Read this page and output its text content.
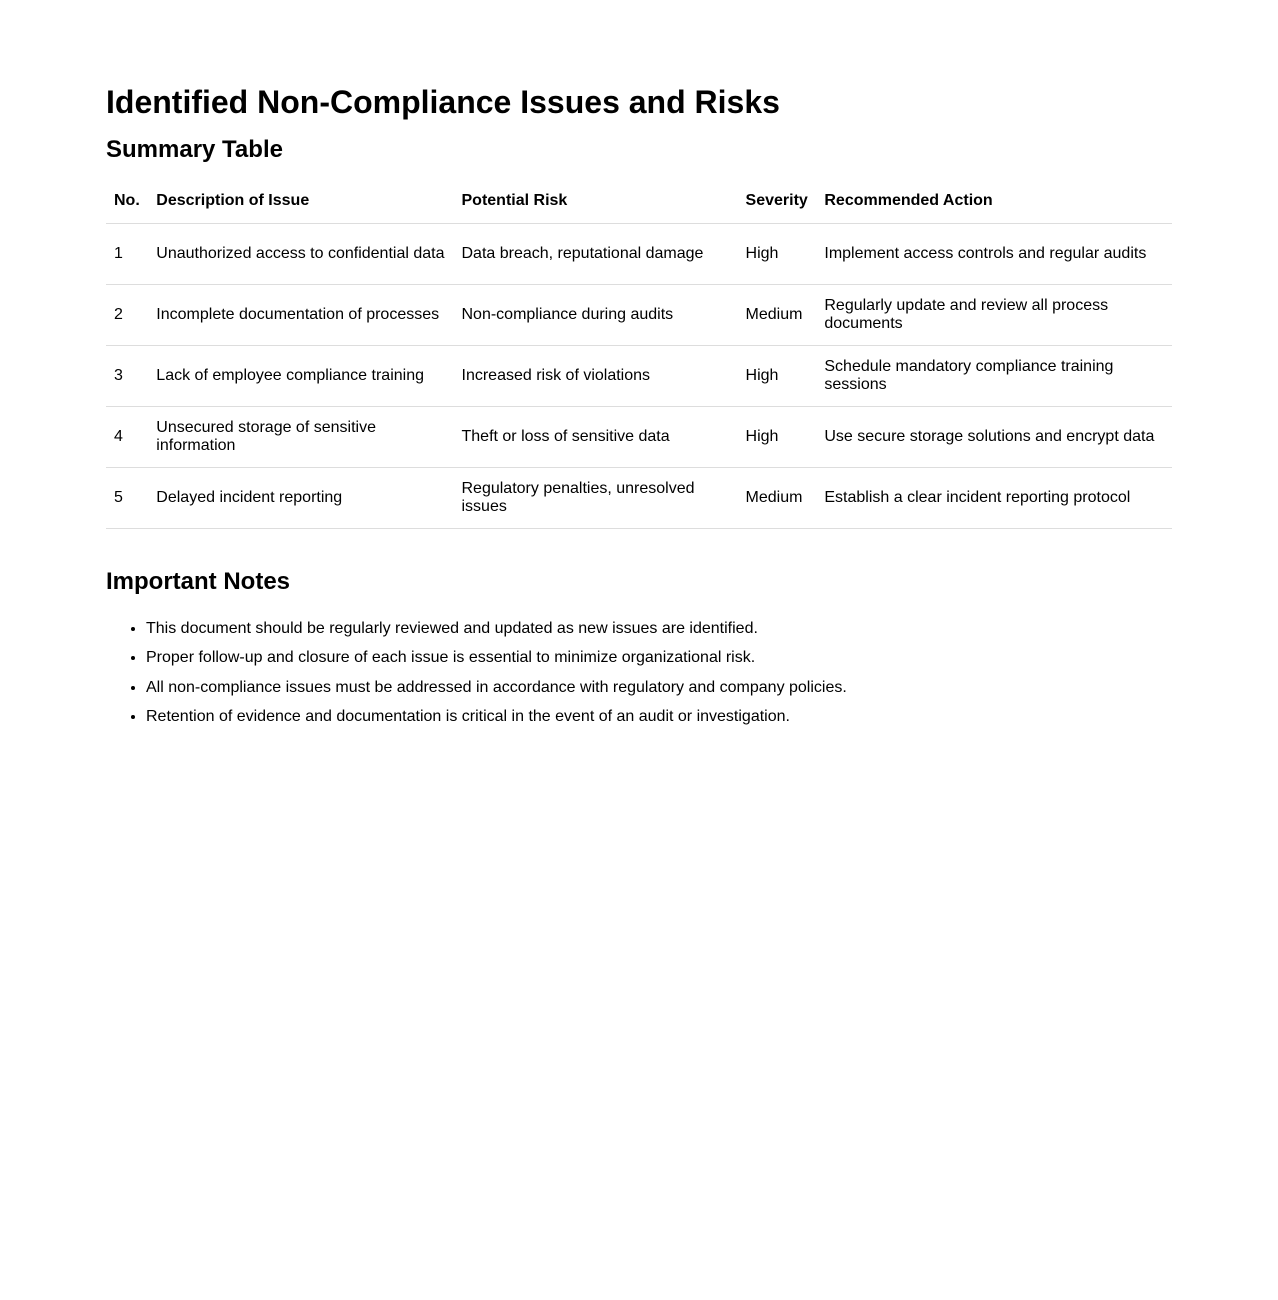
Identified Non-Compliance Issues and Risks
Summary Table
No.	Description of Issue	Potential Risk	Severity	Recommended Action
1	Unauthorized access to confidential data	Data breach, reputational damage	High	Implement access controls and regular audits
2	Incomplete documentation of processes	Non-compliance during audits	Medium	Regularly update and review all process documents
3	Lack of employee compliance training	Increased risk of violations	High	Schedule mandatory compliance training sessions
4	Unsecured storage of sensitive information	Theft or loss of sensitive data	High	Use secure storage solutions and encrypt data
5	Delayed incident reporting	Regulatory penalties, unresolved issues	Medium	Establish a clear incident reporting protocol
Important Notes
• This document should be regularly reviewed and updated as new issues are identified.
• Proper follow-up and closure of each issue is essential to minimize organizational risk.
• All non-compliance issues must be addressed in accordance with regulatory and company policies.
• Retention of evidence and documentation is critical in the event of an audit or investigation.
